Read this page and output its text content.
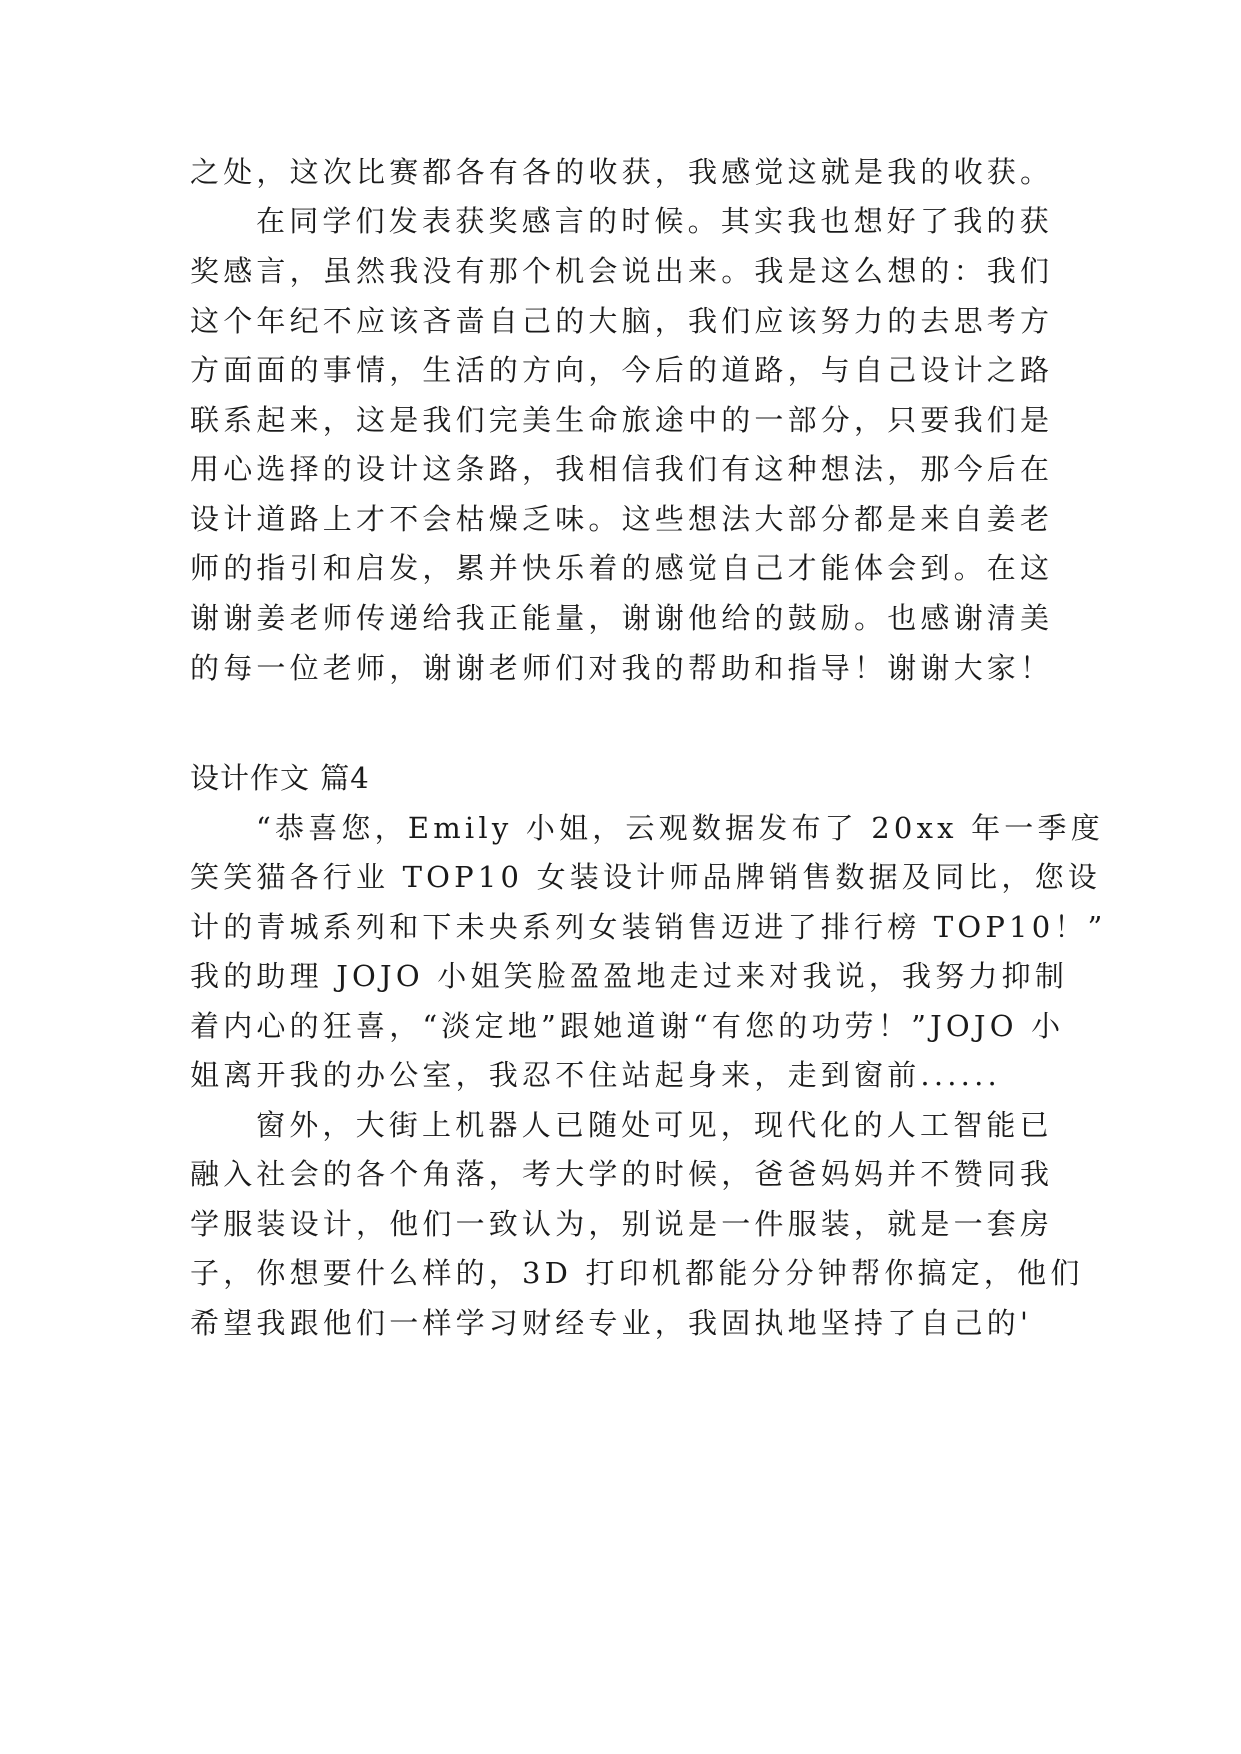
之处，这次比赛都各有各的收获，我感觉这就是我的收获。
在同学们发表获奖感言的时候。其实我也想好了我的获
奖感言，虽然我没有那个机会说出来。我是这么想的：我们
这个年纪不应该吝啬自己的大脑，我们应该努力的去思考方
方面面的事情，生活的方向，今后的道路，与自己设计之路
联系起来，这是我们完美生命旅途中的一部分，只要我们是
用心选择的设计这条路，我相信我们有这种想法，那今后在
设计道路上才不会枯燥乏味。这些想法大部分都是来自姜老
师的指引和启发，累并快乐着的感觉自己才能体会到。在这
谢谢姜老师传递给我正能量，谢谢他给的鼓励。也感谢清美
的每一位老师，谢谢老师们对我的帮助和指导！谢谢大家！
设计作文 篇4
“恭喜您，Emily 小姐，云观数据发布了 20xx 年一季度
笑笑猫各行业 TOP10 女装设计师品牌销售数据及同比，您设
计的青城系列和下未央系列女装销售迈进了排行榜 TOP10！”
我的助理 JOJO 小姐笑脸盈盈地走过来对我说，我努力抑制
着内心的狂喜，“淡定地”跟她道谢“有您的功劳！”JOJO 小
姐离开我的办公室，我忍不住站起身来，走到窗前......
窗外，大街上机器人已随处可见，现代化的人工智能已
融入社会的各个角落，考大学的时候，爸爸妈妈并不赞同我
学服装设计，他们一致认为，别说是一件服装，就是一套房
子，你想要什么样的，3D 打印机都能分分钟帮你搞定，他们
希望我跟他们一样学习财经专业，我固执地坚持了自己的'
